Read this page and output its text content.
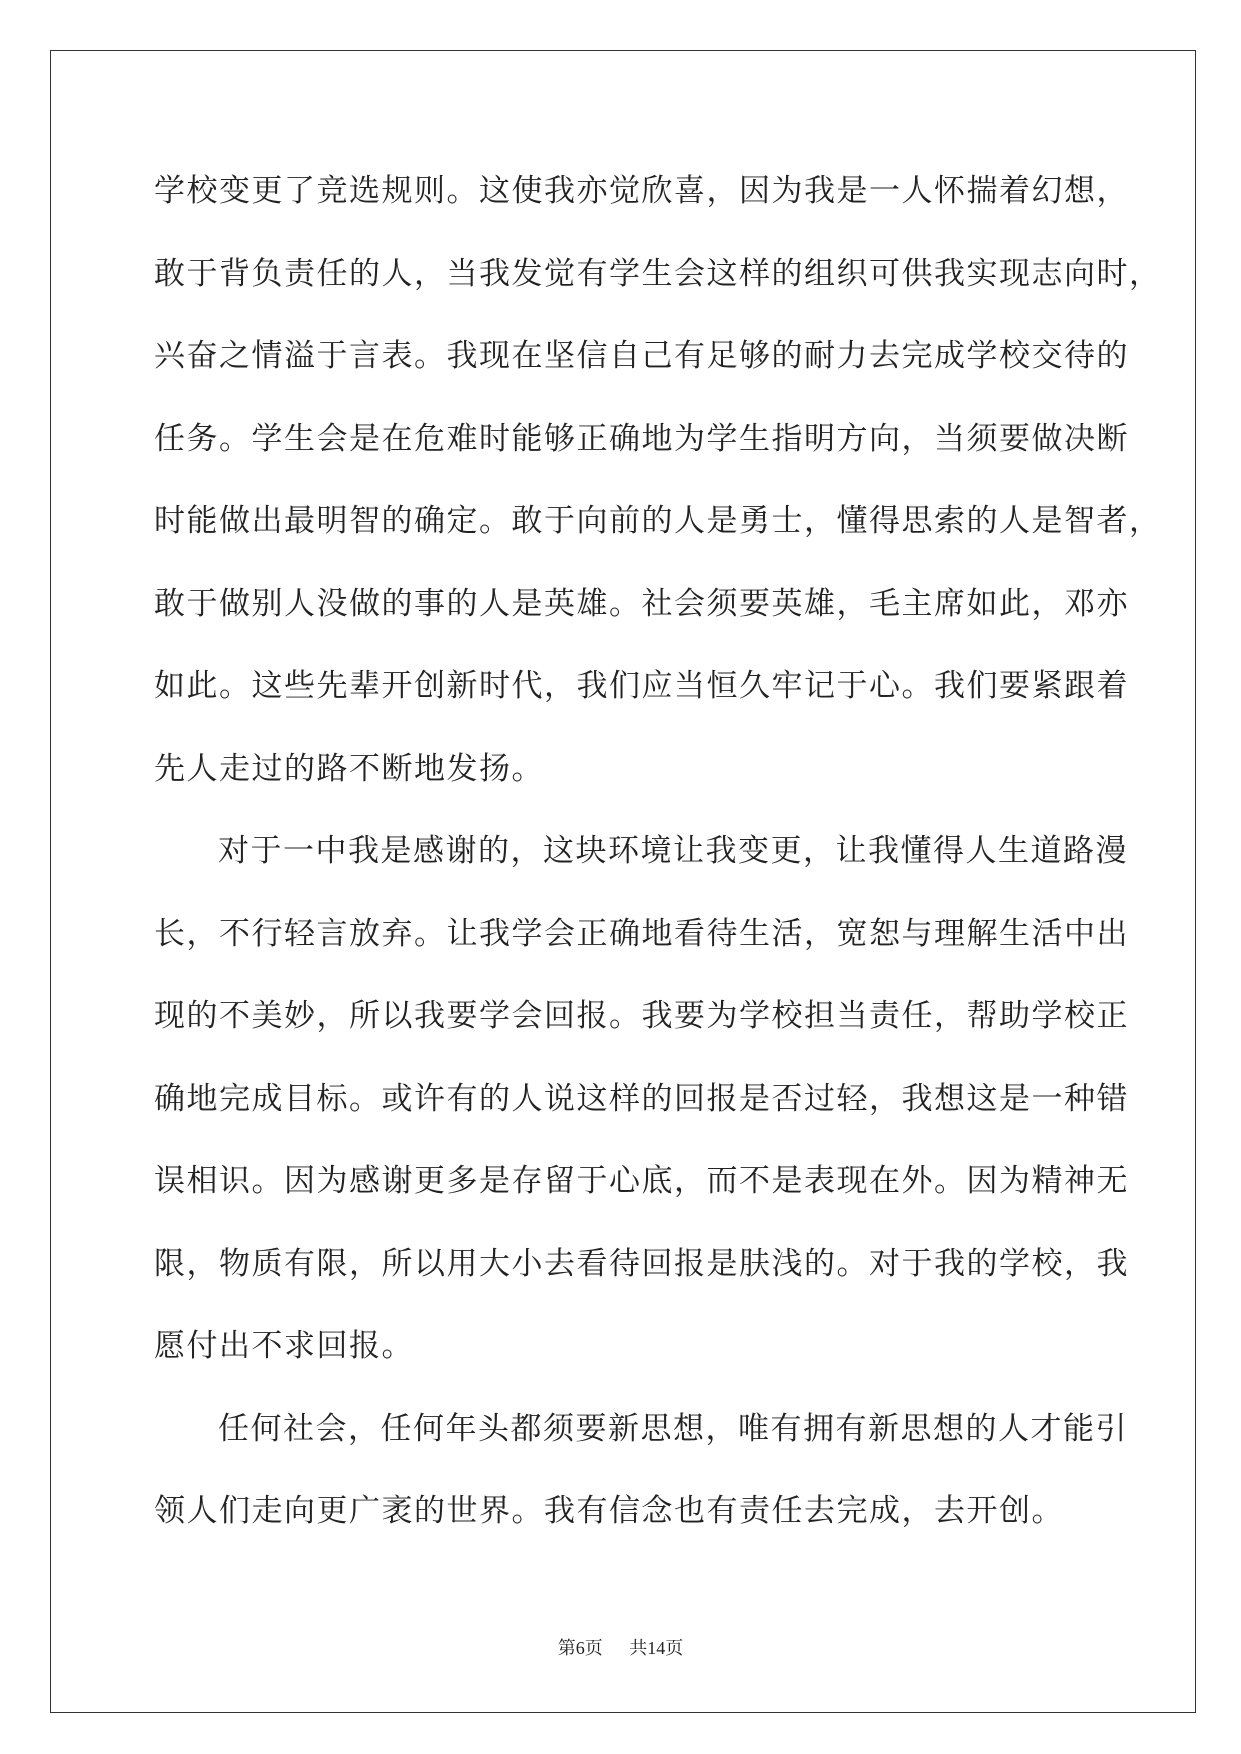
学校变更了竞选规则。这使我亦觉欣喜，因为我是一人怀揣着幻想，
敢于背负责任的人，当我发觉有学生会这样的组织可供我实现志向时，
兴奋之情溢于言表。我现在坚信自己有足够的耐力去完成学校交待的
任务。学生会是在危难时能够正确地为学生指明方向，当须要做决断
时能做出最明智的确定。敢于向前的人是勇士，懂得思索的人是智者，
敢于做别人没做的事的人是英雄。社会须要英雄，毛主席如此，邓亦
如此。这些先辈开创新时代，我们应当恒久牢记于心。我们要紧跟着
先人走过的路不断地发扬。
对于一中我是感谢的，这块环境让我变更，让我懂得人生道路漫
长，不行轻言放弃。让我学会正确地看待生活，宽恕与理解生活中出
现的不美妙，所以我要学会回报。我要为学校担当责任，帮助学校正
确地完成目标。或许有的人说这样的回报是否过轻，我想这是一种错
误相识。因为感谢更多是存留于心底，而不是表现在外。因为精神无
限，物质有限，所以用大小去看待回报是肤浅的。对于我的学校，我
愿付出不求回报。
任何社会，任何年头都须要新思想，唯有拥有新思想的人才能引
领人们走向更广袤的世界。我有信念也有责任去完成，去开创。
第6页 共14页
